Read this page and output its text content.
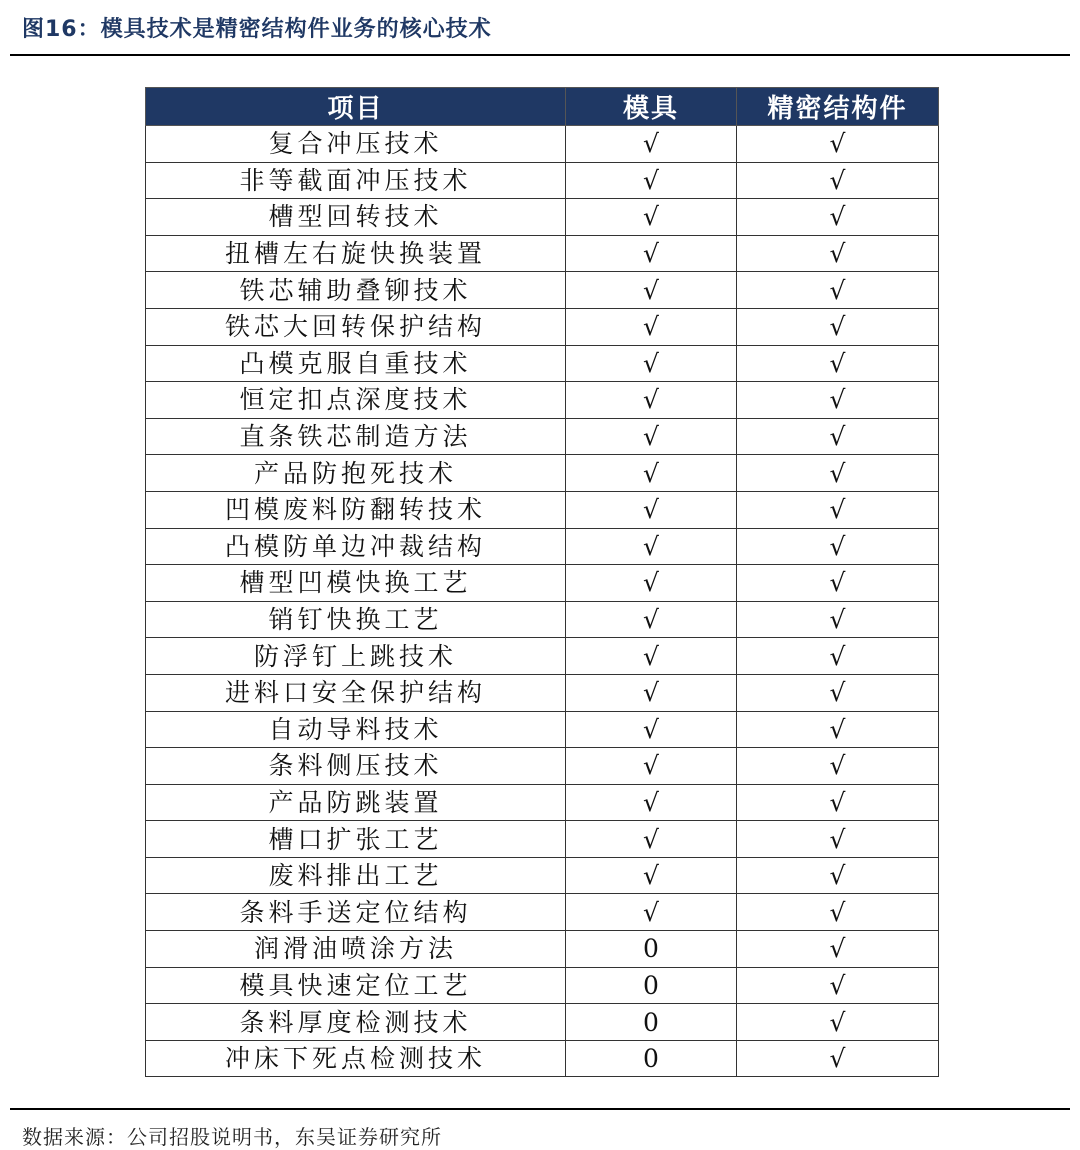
图16：模具技术是精密结构件业务的核心技术
项目	模具	精密结构件
复合冲压技术	√	√
非等截面冲压技术	√	√
槽型回转技术	√	√
扭槽左右旋快换装置	√	√
铁芯辅助叠铆技术	√	√
铁芯大回转保护结构	√	√
凸模克服自重技术	√	√
恒定扣点深度技术	√	√
直条铁芯制造方法	√	√
产品防抱死技术	√	√
凹模废料防翻转技术	√	√
凸模防单边冲裁结构	√	√
槽型凹模快换工艺	√	√
销钉快换工艺	√	√
防浮钉上跳技术	√	√
进料口安全保护结构	√	√
自动导料技术	√	√
条料侧压技术	√	√
产品防跳装置	√	√
槽口扩张工艺	√	√
废料排出工艺	√	√
条料手送定位结构	√	√
润滑油喷涂方法	0	√
模具快速定位工艺	0	√
条料厚度检测技术	0	√
冲床下死点检测技术	0	√
数据来源：公司招股说明书，东吴证券研究所
